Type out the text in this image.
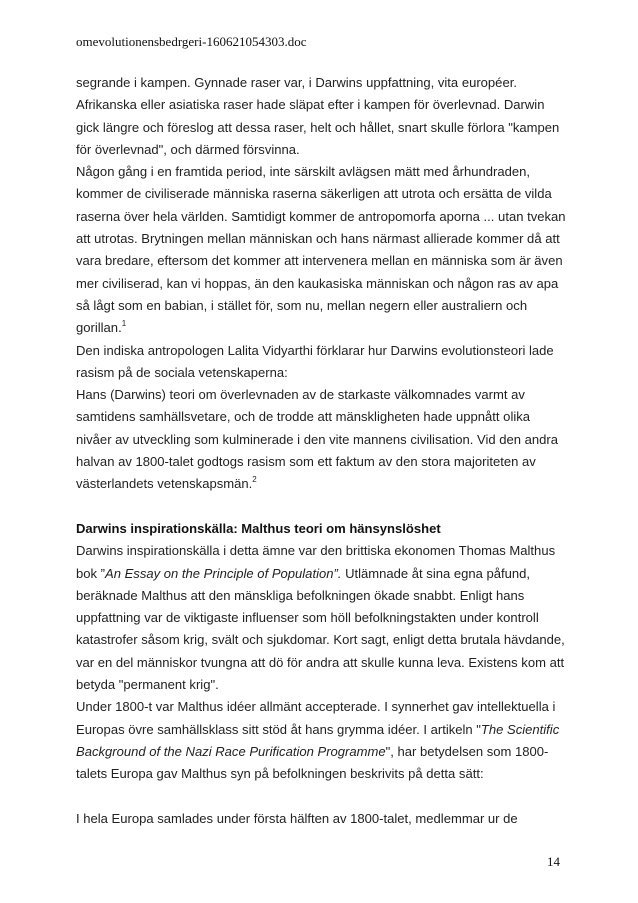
omevolutionensbedrgeri-160621054303.doc
segrande i kampen. Gynnade raser var, i Darwins uppfattning, vita européer.
Afrikanska eller asiatiska raser hade släpat efter i kampen för överlevnad. Darwin
gick längre och föreslog att dessa raser, helt och hållet, snart skulle förlora "kampen
för överlevnad", och därmed försvinna.
Någon gång i en framtida period, inte särskilt avlägsen mätt med århundraden,
kommer de civiliserade människa raserna säkerligen att utrota och ersätta de vilda
raserna över hela världen. Samtidigt kommer de antropomorfa aporna ... utan tvekan
att utrotas. Brytningen mellan människan och hans närmast allierade kommer då att
vara bredare, eftersom det kommer att intervenera mellan en människa som är även
mer civiliserad, kan vi hoppas, än den kaukasiska människan och någon ras av apa
så lågt som en babian, i stället för, som nu, mellan negern eller australiern och
gorillan.$^1$
Den indiska antropologen Lalita Vidyarthi förklarar hur Darwins evolutionsteori lade
rasism på de sociala vetenskaperna:
Hans (Darwins) teori om överlevnaden av de starkaste välkomnades varmt av
samtidens samhällsvetare, och de trodde att mänskligheten hade uppnått olika
nivåer av utveckling som kulminerade i den vite mannens civilisation. Vid den andra
halvan av 1800-talet godtogs rasism som ett faktum av den stora majoriteten av
västerlandets vetenskapsmän.$^2$
Darwins inspirationskälla: Malthus teori om hänsynslöshet
Darwins inspirationskälla i detta ämne var den brittiska ekonomen Thomas Malthus
bok ”An Essay on the Principle of Population”. Utlämnade åt sina egna påfund,
beräknade Malthus att den mänskliga befolkningen ökade snabbt. Enligt hans
uppfattning var de viktigaste influenser som höll befolkningstakten under kontroll
katastrofer såsom krig, svält och sjukdomar. Kort sagt, enligt detta brutala hävdande,
var en del människor tvungna att dö för andra att skulle kunna leva. Existens kom att
betyda "permanent krig".
Under 1800-t var Malthus idéer allmänt accepterade. I synnerhet gav intellektuella i
Europas övre samhällsklass sitt stöd åt hans grymma idéer. I artikeln "The Scientific
Background of the Nazi Race Purification Programme", har betydelsen som 1800-
talets Europa gav Malthus syn på befolkningen beskrivits på detta sätt:
I hela Europa samlades under första hälften av 1800-talet, medlemmar ur de
14
